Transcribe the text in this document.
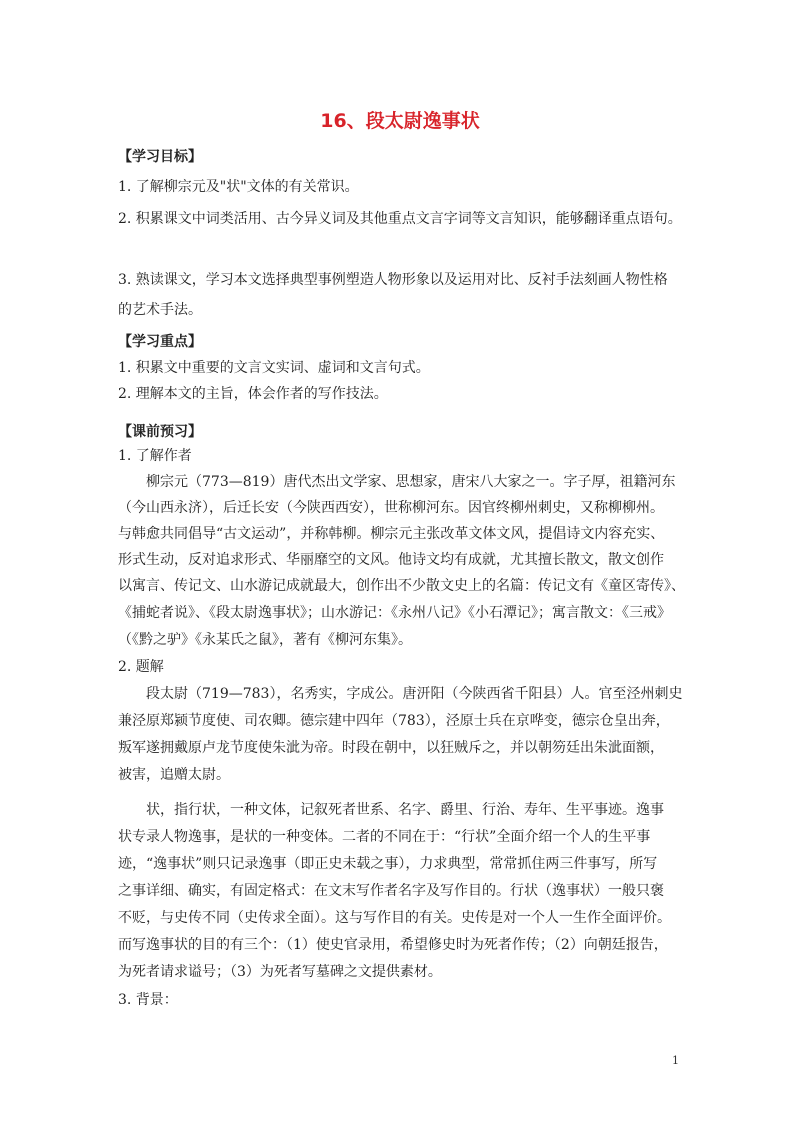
16、段太尉逸事状
【学习目标】
1. 了解柳宗元及"状"文体的有关常识。
2. 积累课文中词类活用、古今异义词及其他重点文言字词等文言知识，能够翻译重点语句。
3. 熟读课文，学习本文选择典型事例塑造人物形象以及运用对比、反衬手法刻画人物性格
的艺术手法。
【学习重点】
1. 积累文中重要的文言文实词、虚词和文言句式。
2. 理解本文的主旨，体会作者的写作技法。
【课前预习】
1. 了解作者
柳宗元（773—819）唐代杰出文学家、思想家，唐宋八大家之一。字子厚，祖籍河东
（今山西永济），后迁长安（今陕西西安），世称柳河东。因官终柳州刺史，又称柳柳州。
与韩愈共同倡导“古文运动”，并称韩柳。柳宗元主张改革文体文风，提倡诗文内容充实、
形式生动，反对追求形式、华丽靡空的文风。他诗文均有成就，尤其擅长散文，散文创作
以寓言、传记文、山水游记成就最大，创作出不少散文史上的名篇：传记文有《童区寄传》、
《捕蛇者说》、《段太尉逸事状》；山水游记：《永州八记》《小石潭记》；寓言散文：《三戒》
（《黔之驴》《永某氏之鼠》，著有《柳河东集》。
2. 题解
段太尉（719—783），名秀实，字成公。唐汧阳（今陕西省千阳县）人。官至泾州刺史
兼泾原郑颍节度使、司农卿。德宗建中四年（783），泾原士兵在京哗变，德宗仓皇出奔，
叛军遂拥戴原卢龙节度使朱泚为帝。时段在朝中，以狂贼斥之，并以朝笏廷出朱泚面额，
被害，追赠太尉。
状，指行状，一种文体，记叙死者世系、名字、爵里、行治、寿年、生平事迹。逸事
状专录人物逸事，是状的一种变体。二者的不同在于：“行状”全面介绍一个人的生平事
迹，“逸事状”则只记录逸事（即正史未载之事），力求典型，常常抓住两三件事写，所写
之事详细、确实，有固定格式：在文末写作者名字及写作目的。行状（逸事状）一般只褒
不贬，与史传不同（史传求全面）。这与写作目的有关。史传是对一个人一生作全面评价。
而写逸事状的目的有三个：（1）使史官录用，希望修史时为死者作传；（2）向朝廷报告，
为死者请求谥号；（3）为死者写墓碑之文提供素材。
3. 背景：
1
